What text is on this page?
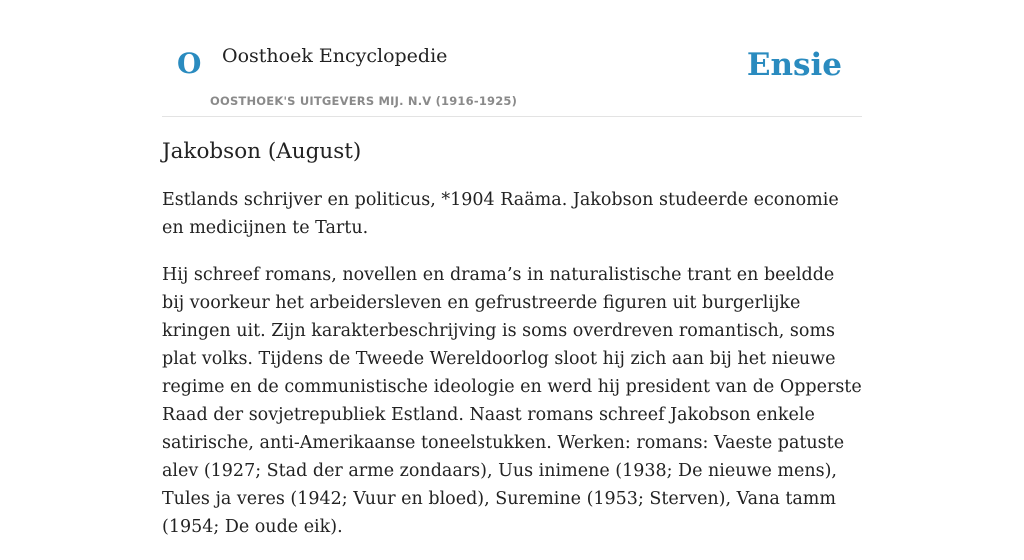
O Oosthoek Encyclopedie
OOSTHOEK'S UITGEVERS MIJ. N.V (1916-1925)
Ensie
Jakobson (August)

Estlands schrijver en politicus, *1904 Raäma. Jakobson studeerde economie en medicijnen te Tartu.

Hij schreef romans, novellen en drama’s in naturalistische trant en beeldde bij voorkeur het arbeidersleven en gefrustreerde figuren uit burgerlijke kringen uit. Zijn karakterbeschrijving is soms overdreven romantisch, soms plat volks. Tijdens de Tweede Wereldoorlog sloot hij zich aan bij het nieuwe regime en de communistische ideologie en werd hij president van de Opperste Raad der sovjetrepubliek Estland. Naast romans schreef Jakobson enkele satirische, anti-Amerikaanse toneelstukken. Werken: romans: Vaeste patuste alev (1927; Stad der arme zondaars), Uus inimene (1938; De nieuwe mens), Tules ja veres (1942; Vuur en bloed), Suremine (1953; Sterven), Vana tamm (1954; De oude eik).
